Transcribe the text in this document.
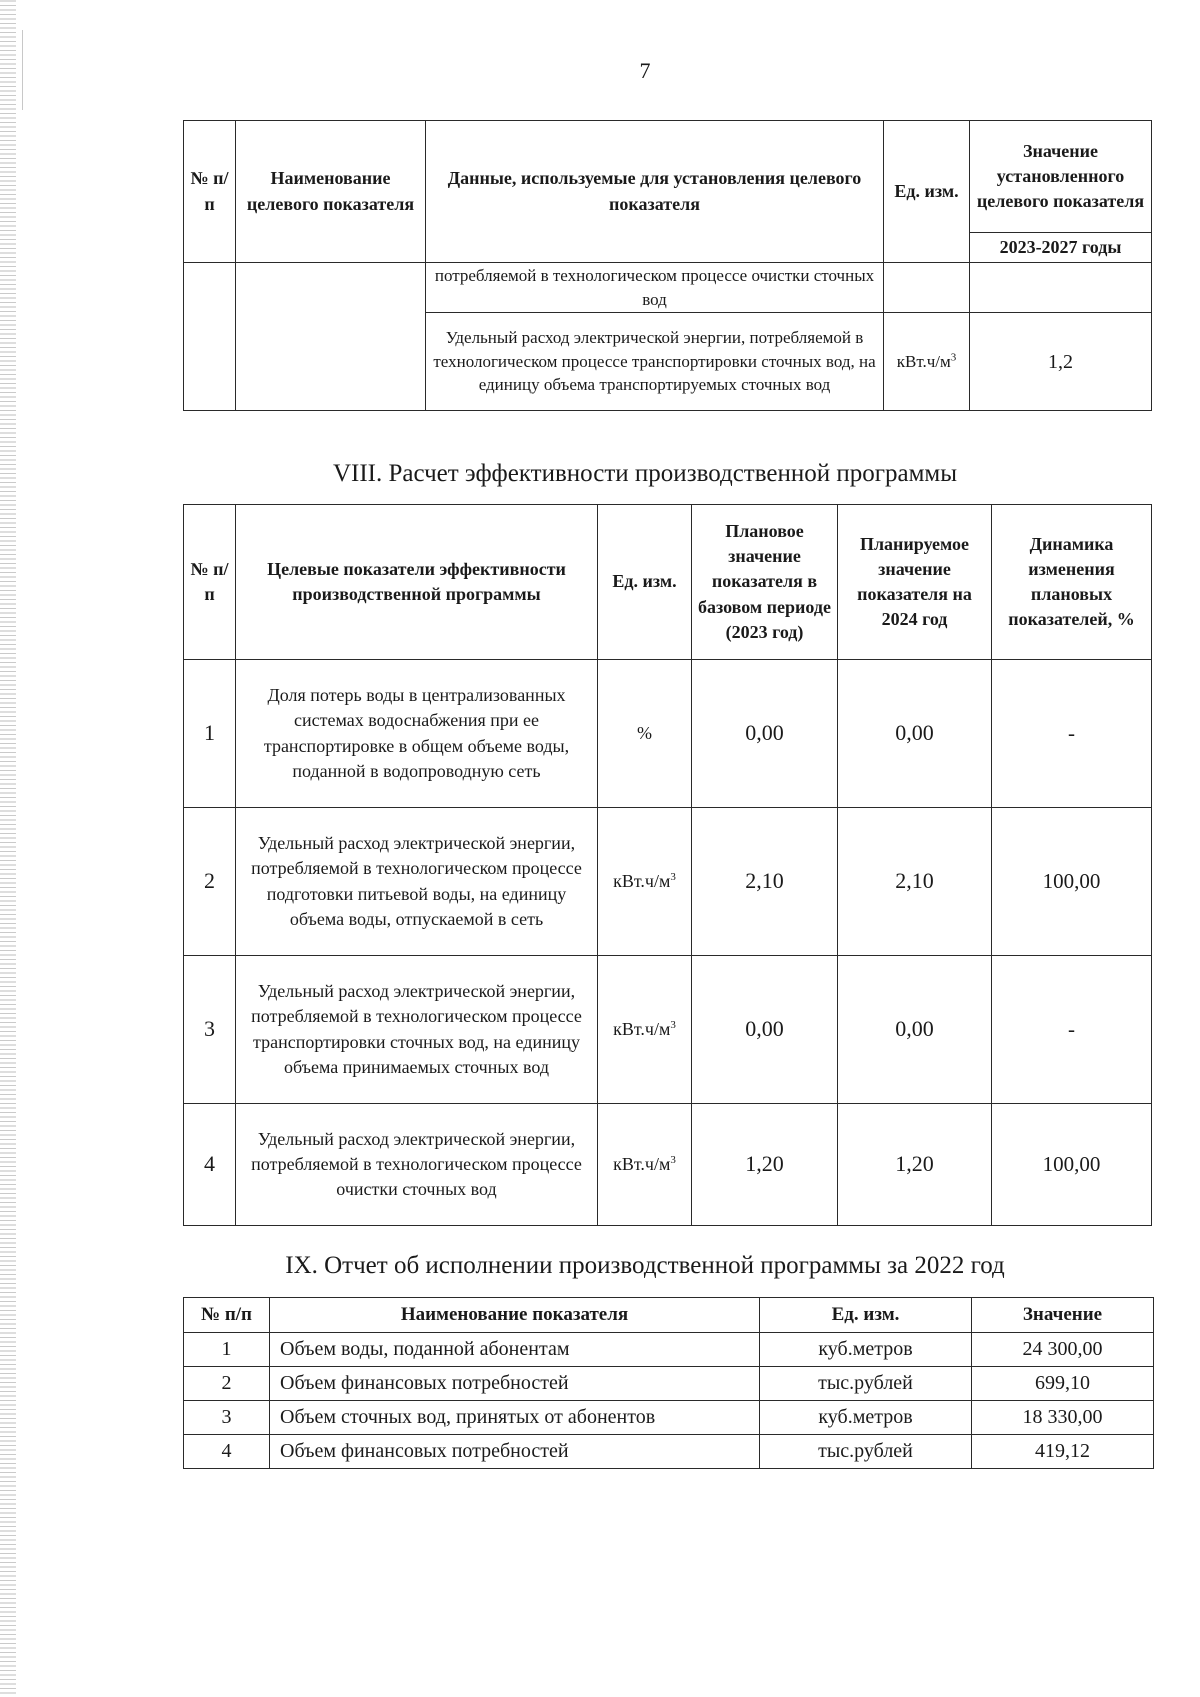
7
№ п/п	Наименование целевого показателя	Данные, используемые для установления целевого показателя	Ед. изм.	Значение установленного целевого показателя
				2023-2027 годы
		потребляемой в технологическом процессе очистки сточных вод		
		Удельный расход электрической энергии, потребляемой в технологическом процессе транспортировки сточных вод, на единицу объема транспортируемых сточных вод	$кВт.ч/м^3$	1,2
VIII. Расчет эффективности производственной программы
№ п/п	Целевые показатели эффективности производственной программы	Ед. изм.	Плановое значение показателя в базовом периоде (2023 год)	Планируемое значение показателя на 2024 год	Динамика изменения плановых показателей, %
1	Доля потерь воды в централизованных системах водоснабжения при ее транспортировке в общем объеме воды, поданной в водопроводную сеть	%	0,00	0,00	-
2	Удельный расход электрической энергии, потребляемой в технологическом процессе подготовки питьевой воды, на единицу объема воды, отпускаемой в сеть	$кВт.ч/м^3$	2,10	2,10	100,00
3	Удельный расход электрической энергии, потребляемой в технологическом процессе транспортировки сточных вод, на единицу объема принимаемых сточных вод	$кВт.ч/м^3$	0,00	0,00	-
4	Удельный расход электрической энергии, потребляемой в технологическом процессе очистки сточных вод	$кВт.ч/м^3$	1,20	1,20	100,00
IX. Отчет об исполнении производственной программы за 2022 год
№ п/п	Наименование показателя	Ед. изм.	Значение
1	Объем воды, поданной абонентам	куб.метров	24 300,00
2	Объем финансовых потребностей	тыс.рублей	699,10
3	Объем сточных вод, принятых от абонентов	куб.метров	18 330,00
4	Объем финансовых потребностей	тыс.рублей	419,12
